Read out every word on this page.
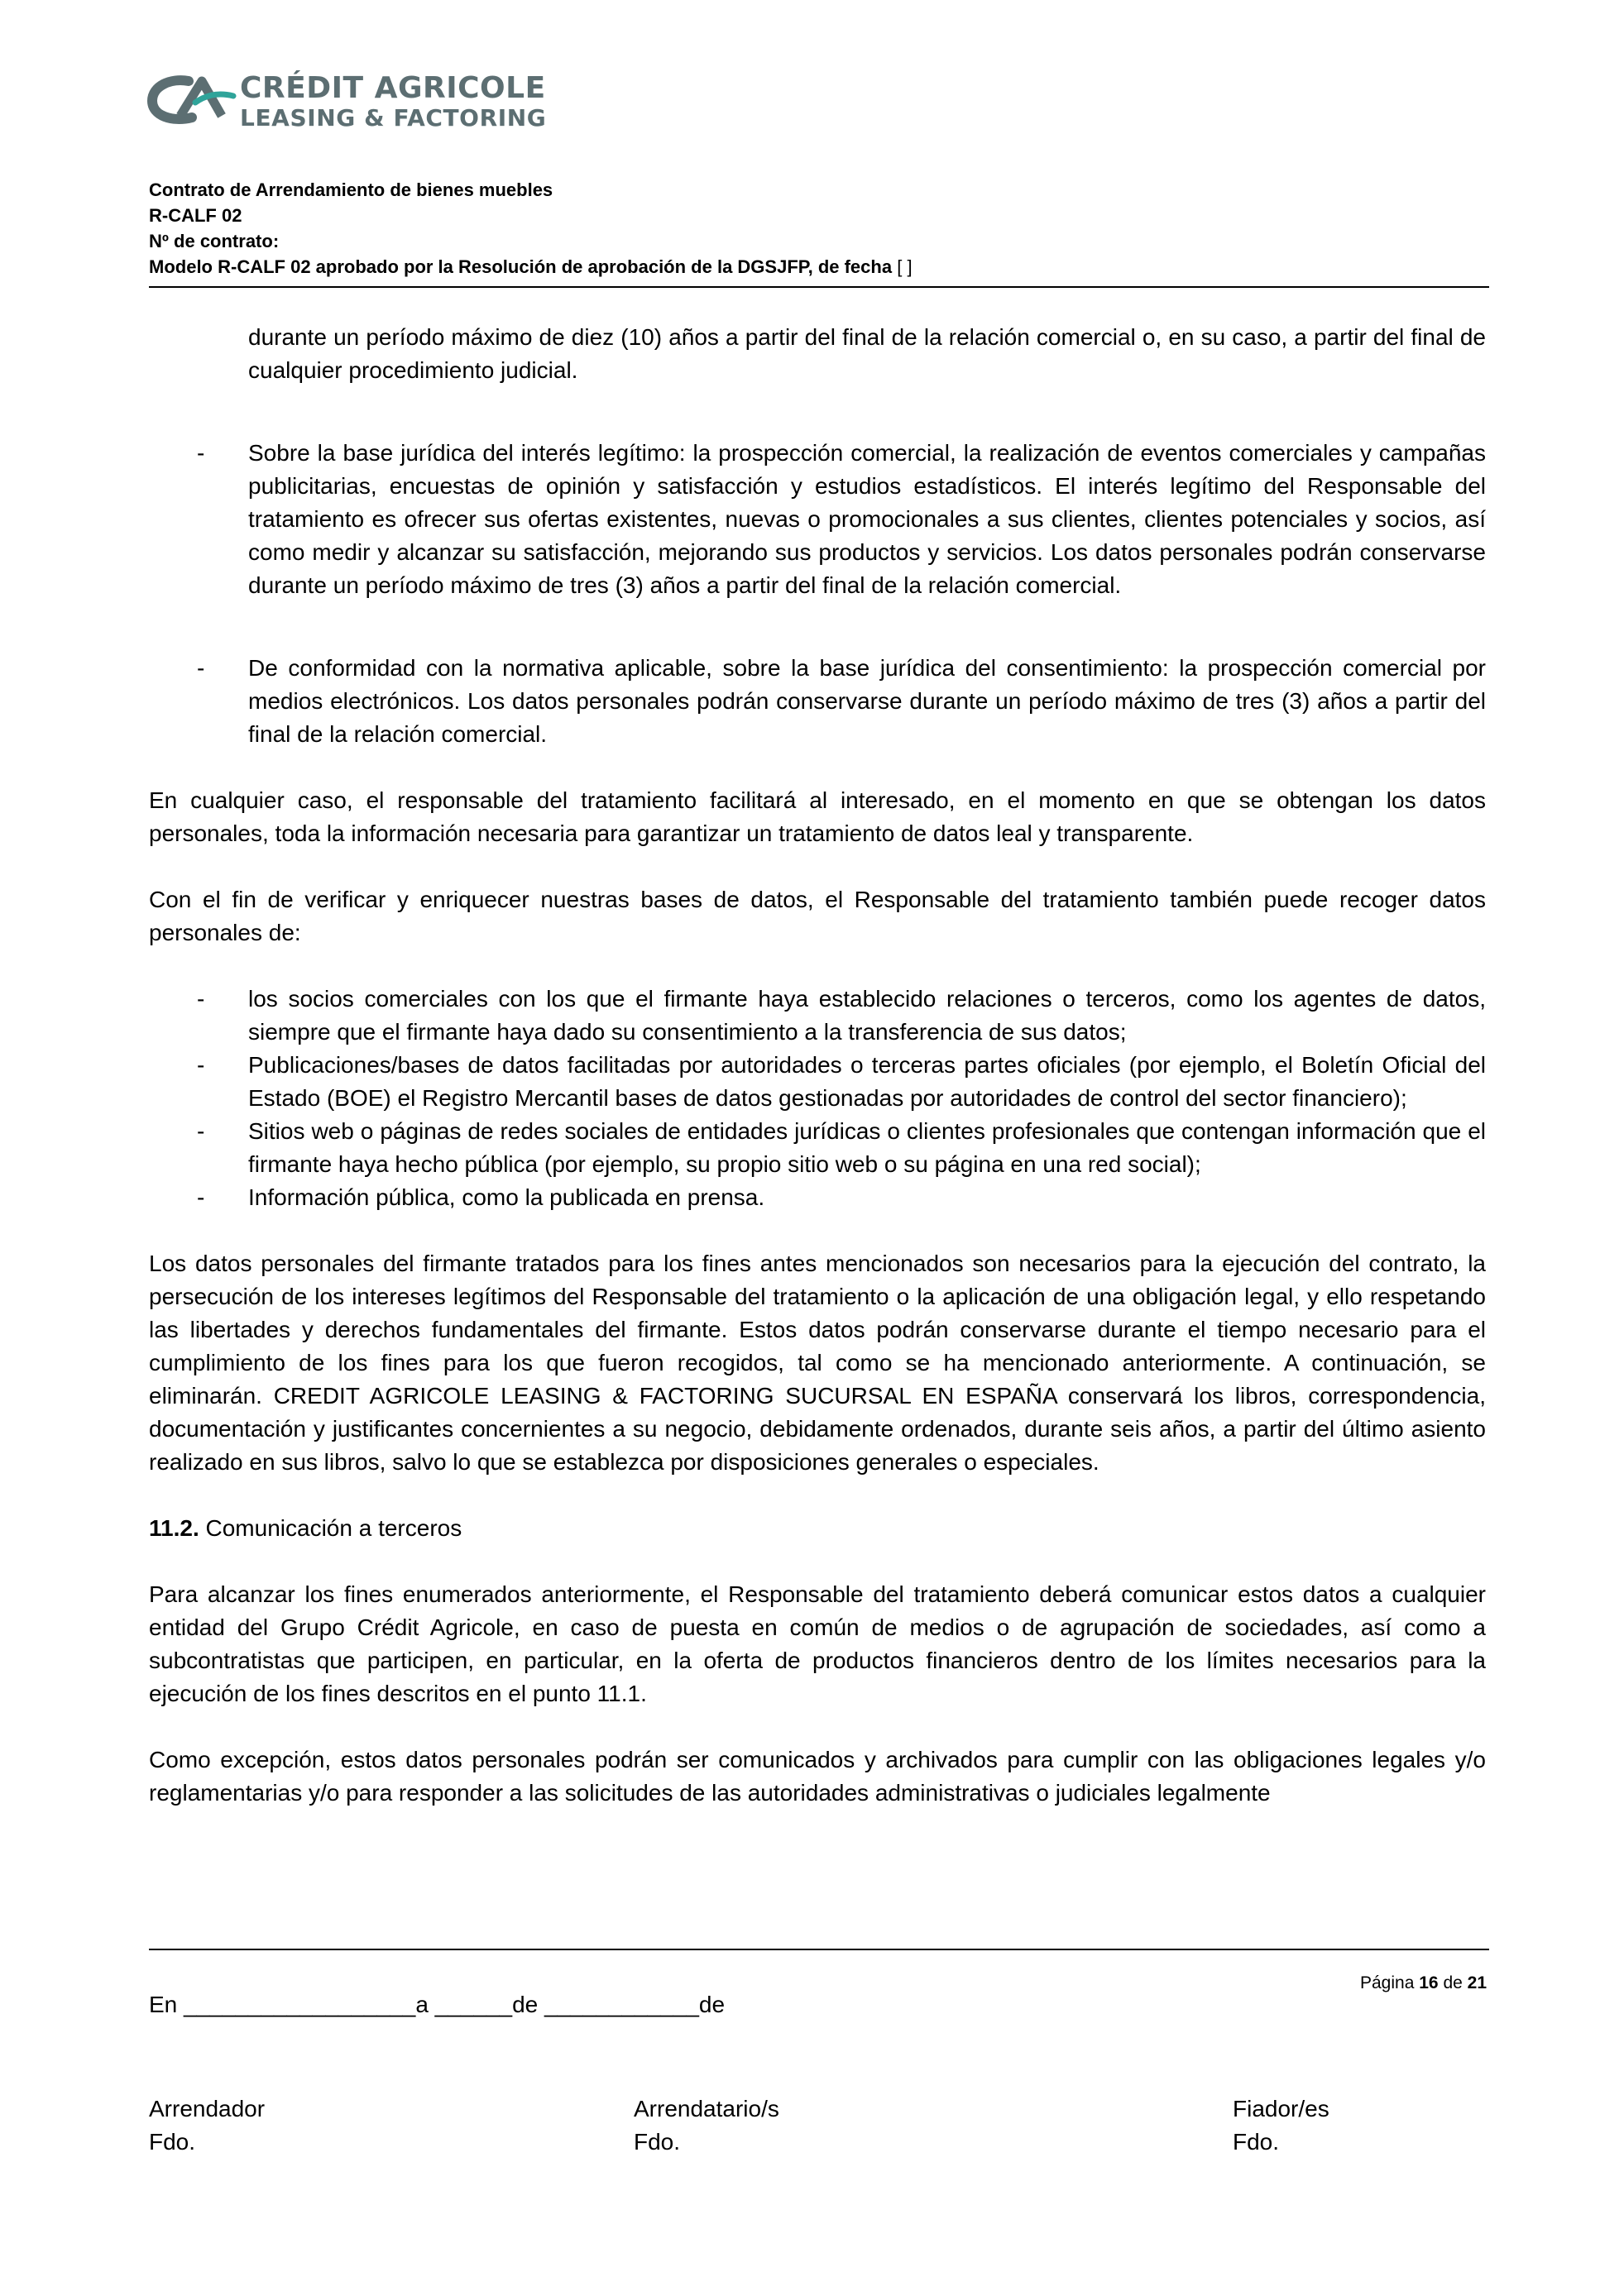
CRÉDIT AGRICOLE
LEASING & FACTORING
Contrato de Arrendamiento de bienes muebles
R-CALF 02
Nº de contrato:
Modelo R-CALF 02 aprobado por la Resolución de aprobación de la DGSJFP, de fecha [ ]

durante un período máximo de diez (10) años a partir del final de la relación comercial o, en su caso, a partir del final de cualquier procedimiento judicial.

- Sobre la base jurídica del interés legítimo: la prospección comercial, la realización de eventos comerciales y campañas publicitarias, encuestas de opinión y satisfacción y estudios estadísticos. El interés legítimo del Responsable del tratamiento es ofrecer sus ofertas existentes, nuevas o promocionales a sus clientes, clientes potenciales y socios, así como medir y alcanzar su satisfacción, mejorando sus productos y servicios. Los datos personales podrán conservarse durante un período máximo de tres (3) años a partir del final de la relación comercial.
- De conformidad con la normativa aplicable, sobre la base jurídica del consentimiento: la prospección comercial por medios electrónicos. Los datos personales podrán conservarse durante un período máximo de tres (3) años a partir del final de la relación comercial.

En cualquier caso, el responsable del tratamiento facilitará al interesado, en el momento en que se obtengan los datos personales, toda la información necesaria para garantizar un tratamiento de datos leal y transparente.

Con el fin de verificar y enriquecer nuestras bases de datos, el Responsable del tratamiento también puede recoger datos personales de:

- los socios comerciales con los que el firmante haya establecido relaciones o terceros, como los agentes de datos, siempre que el firmante haya dado su consentimiento a la transferencia de sus datos;
- Publicaciones/bases de datos facilitadas por autoridades o terceras partes oficiales (por ejemplo, el Boletín Oficial del Estado (BOE) el Registro Mercantil bases de datos gestionadas por autoridades de control del sector financiero);
- Sitios web o páginas de redes sociales de entidades jurídicas o clientes profesionales que contengan información que el firmante haya hecho pública (por ejemplo, su propio sitio web o su página en una red social);
- Información pública, como la publicada en prensa.

Los datos personales del firmante tratados para los fines antes mencionados son necesarios para la ejecución del contrato, la persecución de los intereses legítimos del Responsable del tratamiento o la aplicación de una obligación legal, y ello respetando las libertades y derechos fundamentales del firmante. Estos datos podrán conservarse durante el tiempo necesario para el cumplimiento de los fines para los que fueron recogidos, tal como se ha mencionado anteriormente. A continuación, se eliminarán. CREDIT AGRICOLE LEASING & FACTORING SUCURSAL EN ESPAÑA conservará los libros, correspondencia, documentación y justificantes concernientes a su negocio, debidamente ordenados, durante seis años, a partir del último asiento realizado en sus libros, salvo lo que se establezca por disposiciones generales o especiales.

11.2. Comunicación a terceros

Para alcanzar los fines enumerados anteriormente, el Responsable del tratamiento deberá comunicar estos datos a cualquier entidad del Grupo Crédit Agricole, en caso de puesta en común de medios o de agrupación de sociedades, así como a subcontratistas que participen, en particular, en la oferta de productos financieros dentro de los límites necesarios para la ejecución de los fines descritos en el punto 11.1.

Como excepción, estos datos personales podrán ser comunicados y archivados para cumplir con las obligaciones legales y/o reglamentarias y/o para responder a las solicitudes de las autoridades administrativas o judiciales legalmente

Página 16 de 21
En __________________a ______de ____________de
Arrendador
Fdo.
Arrendatario/s
Fdo.
Fiador/es
Fdo.
